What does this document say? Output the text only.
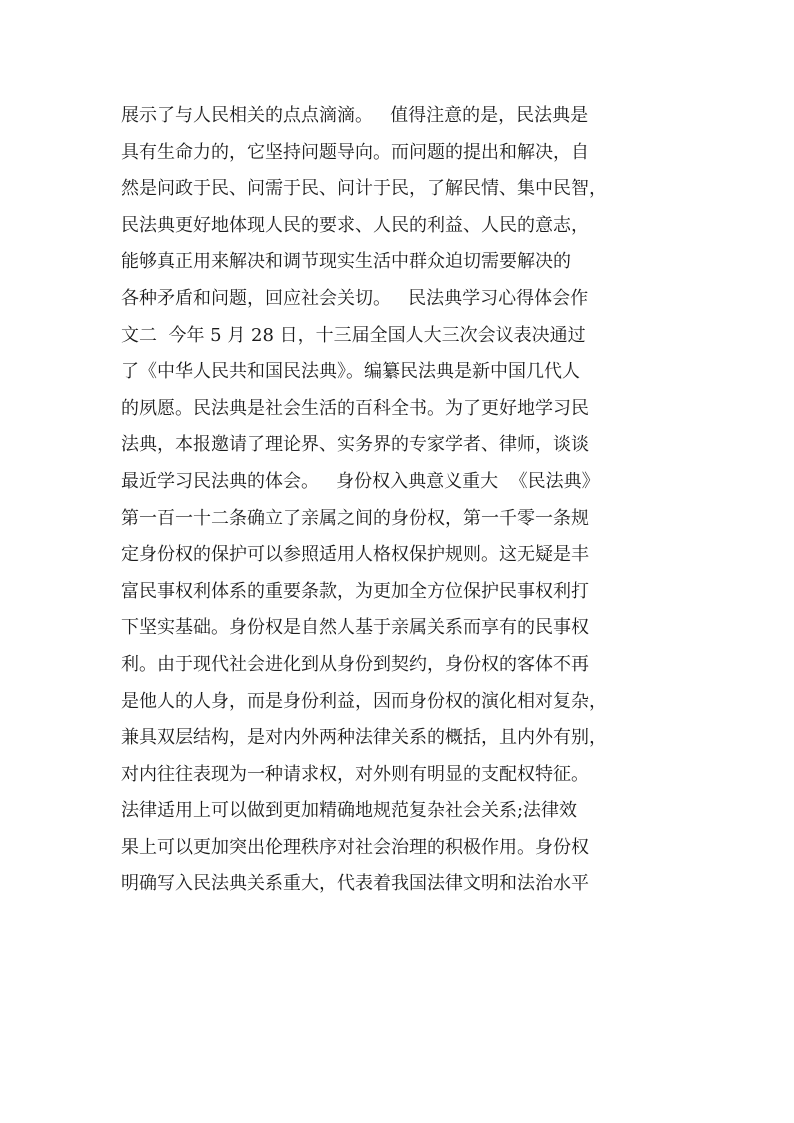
展示了与人民相关的点点滴滴。   值得注意的是，民法典是
具有生命力的，它坚持问题导向。而问题的提出和解决，自
然是问政于民、问需于民、问计于民，了解民情、集中民智，
民法典更好地体现人民的要求、人民的利益、人民的意志，
能够真正用来解决和调节现实生活中群众迫切需要解决的
各种矛盾和问题，回应社会关切。   民法典学习心得体会作
文二  今年 5 月 28 日，十三届全国人大三次会议表决通过
了《中华人民共和国民法典》。编纂民法典是新中国几代人
的夙愿。民法典是社会生活的百科全书。为了更好地学习民
法典，本报邀请了理论界、实务界的专家学者、律师，谈谈
最近学习民法典的体会。   身份权入典意义重大  《民法典》
第一百一十二条确立了亲属之间的身份权，第一千零一条规
定身份权的保护可以参照适用人格权保护规则。这无疑是丰
富民事权利体系的重要条款，为更加全方位保护民事权利打
下坚实基础。身份权是自然人基于亲属关系而享有的民事权
利。由于现代社会进化到从身份到契约，身份权的客体不再
是他人的人身，而是身份利益，因而身份权的演化相对复杂，
兼具双层结构，是对内外两种法律关系的概括，且内外有别，
对内往往表现为一种请求权，对外则有明显的支配权特征。
法律适用上可以做到更加精确地规范复杂社会关系;法律效
果上可以更加突出伦理秩序对社会治理的积极作用。身份权
明确写入民法典关系重大，代表着我国法律文明和法治水平
